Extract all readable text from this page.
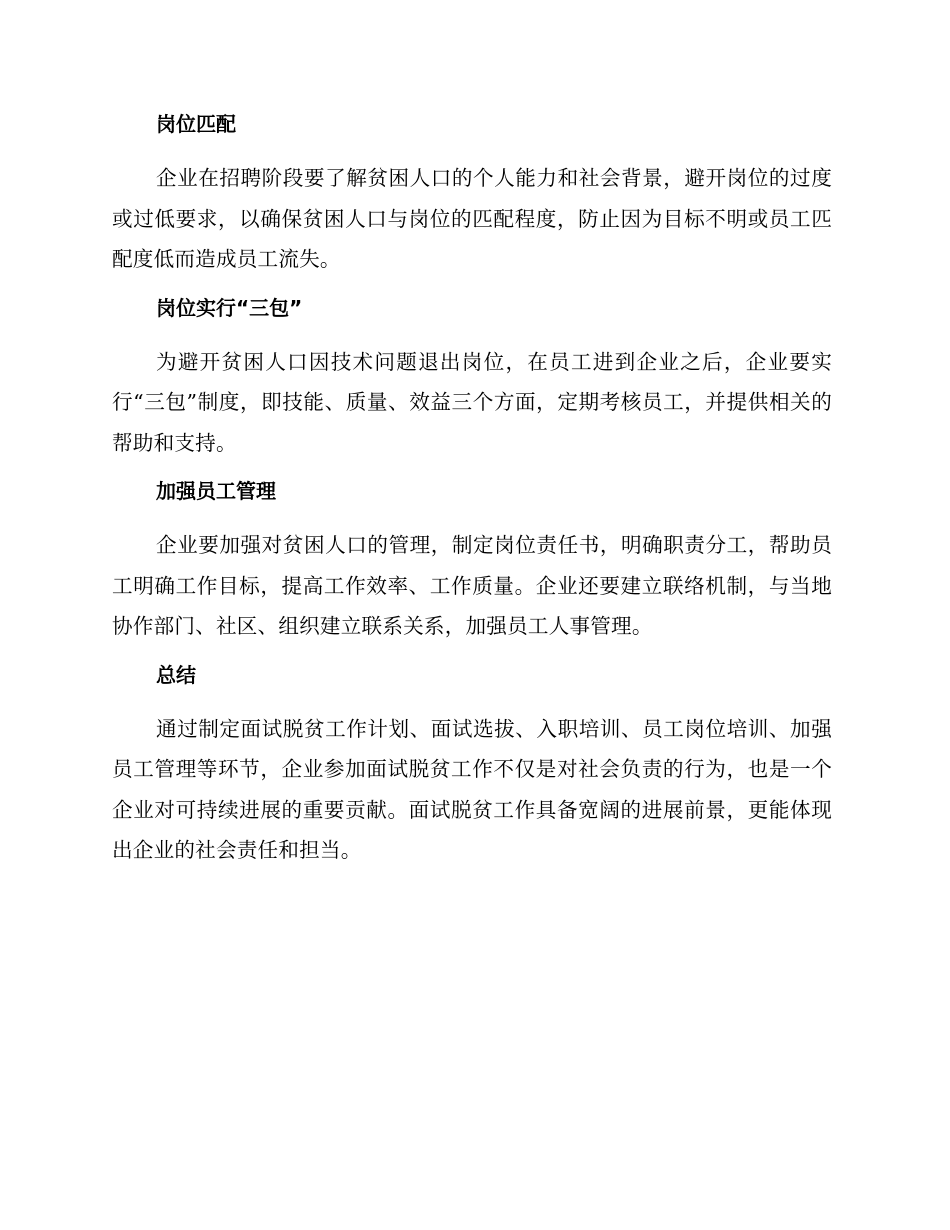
岗位匹配

企业在招聘阶段要了解贫困人口的个人能力和社会背景，避开岗位的过度或过低要求，以确保贫困人口与岗位的匹配程度，防止因为目标不明或员工匹配度低而造成员工流失。

岗位实行“三包”

为避开贫困人口因技术问题退出岗位，在员工进到企业之后，企业要实行“三包”制度，即技能、质量、效益三个方面，定期考核员工，并提供相关的帮助和支持。

加强员工管理

企业要加强对贫困人口的管理，制定岗位责任书，明确职责分工，帮助员工明确工作目标，提高工作效率、工作质量。企业还要建立联络机制，与当地协作部门、社区、组织建立联系关系，加强员工人事管理。

总结

通过制定面试脱贫工作计划、面试选拔、入职培训、员工岗位培训、加强员工管理等环节，企业参加面试脱贫工作不仅是对社会负责的行为，也是一个企业对可持续进展的重要贡献。面试脱贫工作具备宽阔的进展前景，更能体现出企业的社会责任和担当。
